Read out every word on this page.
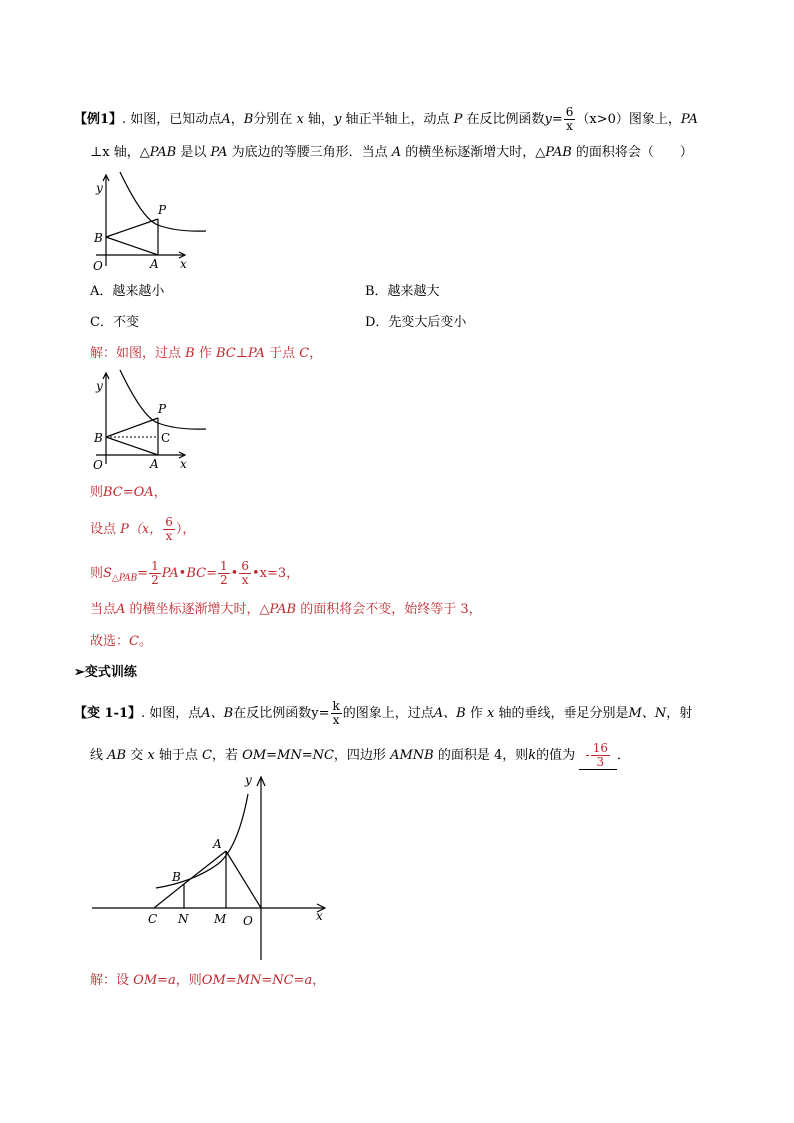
【例1】. 如图，已知动点A，B分别在 x 轴，y 轴正半轴上，动点 P 在反比例函数$y= \frac{6}{x} (x>0)$图象上，PA
⊥x 轴，△PAB 是以 PA 为底边的等腰三角形．当点 A 的横坐标逐渐增大时，△PAB 的面积将会（　　）
y
P
B
O	A x
A．越来越小	B．越来越大
C．不变	D．先变大后变小
解：如图，过点 B 作 BC⊥PA 于点 C，
y
P
B	C
O	A x
则BC=OA，
设点 P（x， $\frac{6}{x}$ ），
则$S_{\triangle PAB}= \frac{1}{2}$ PA•BC= $\frac{1}{2}$ • $\frac{6}{x}$ •x=3，
当点A 的横坐标逐渐增大时，△PAB 的面积将会不变，始终等于 3，
故选：C。
➢变式训练
【变 1-1】. 如图，点A、B在反比例函数$y= \frac{k}{x}$ 的图象上，过点A、B 作 x 轴的垂线，垂足分别是M、N，射
线 AB 交 x 轴于点 C，若 OM=MN=NC，四边形 AMNB 的面积是 4，则k的值为 - $\frac{16}{3}$ ．
y
A
B
C N M O	x
解：设 OM=a，则OM=MN=NC=a，
